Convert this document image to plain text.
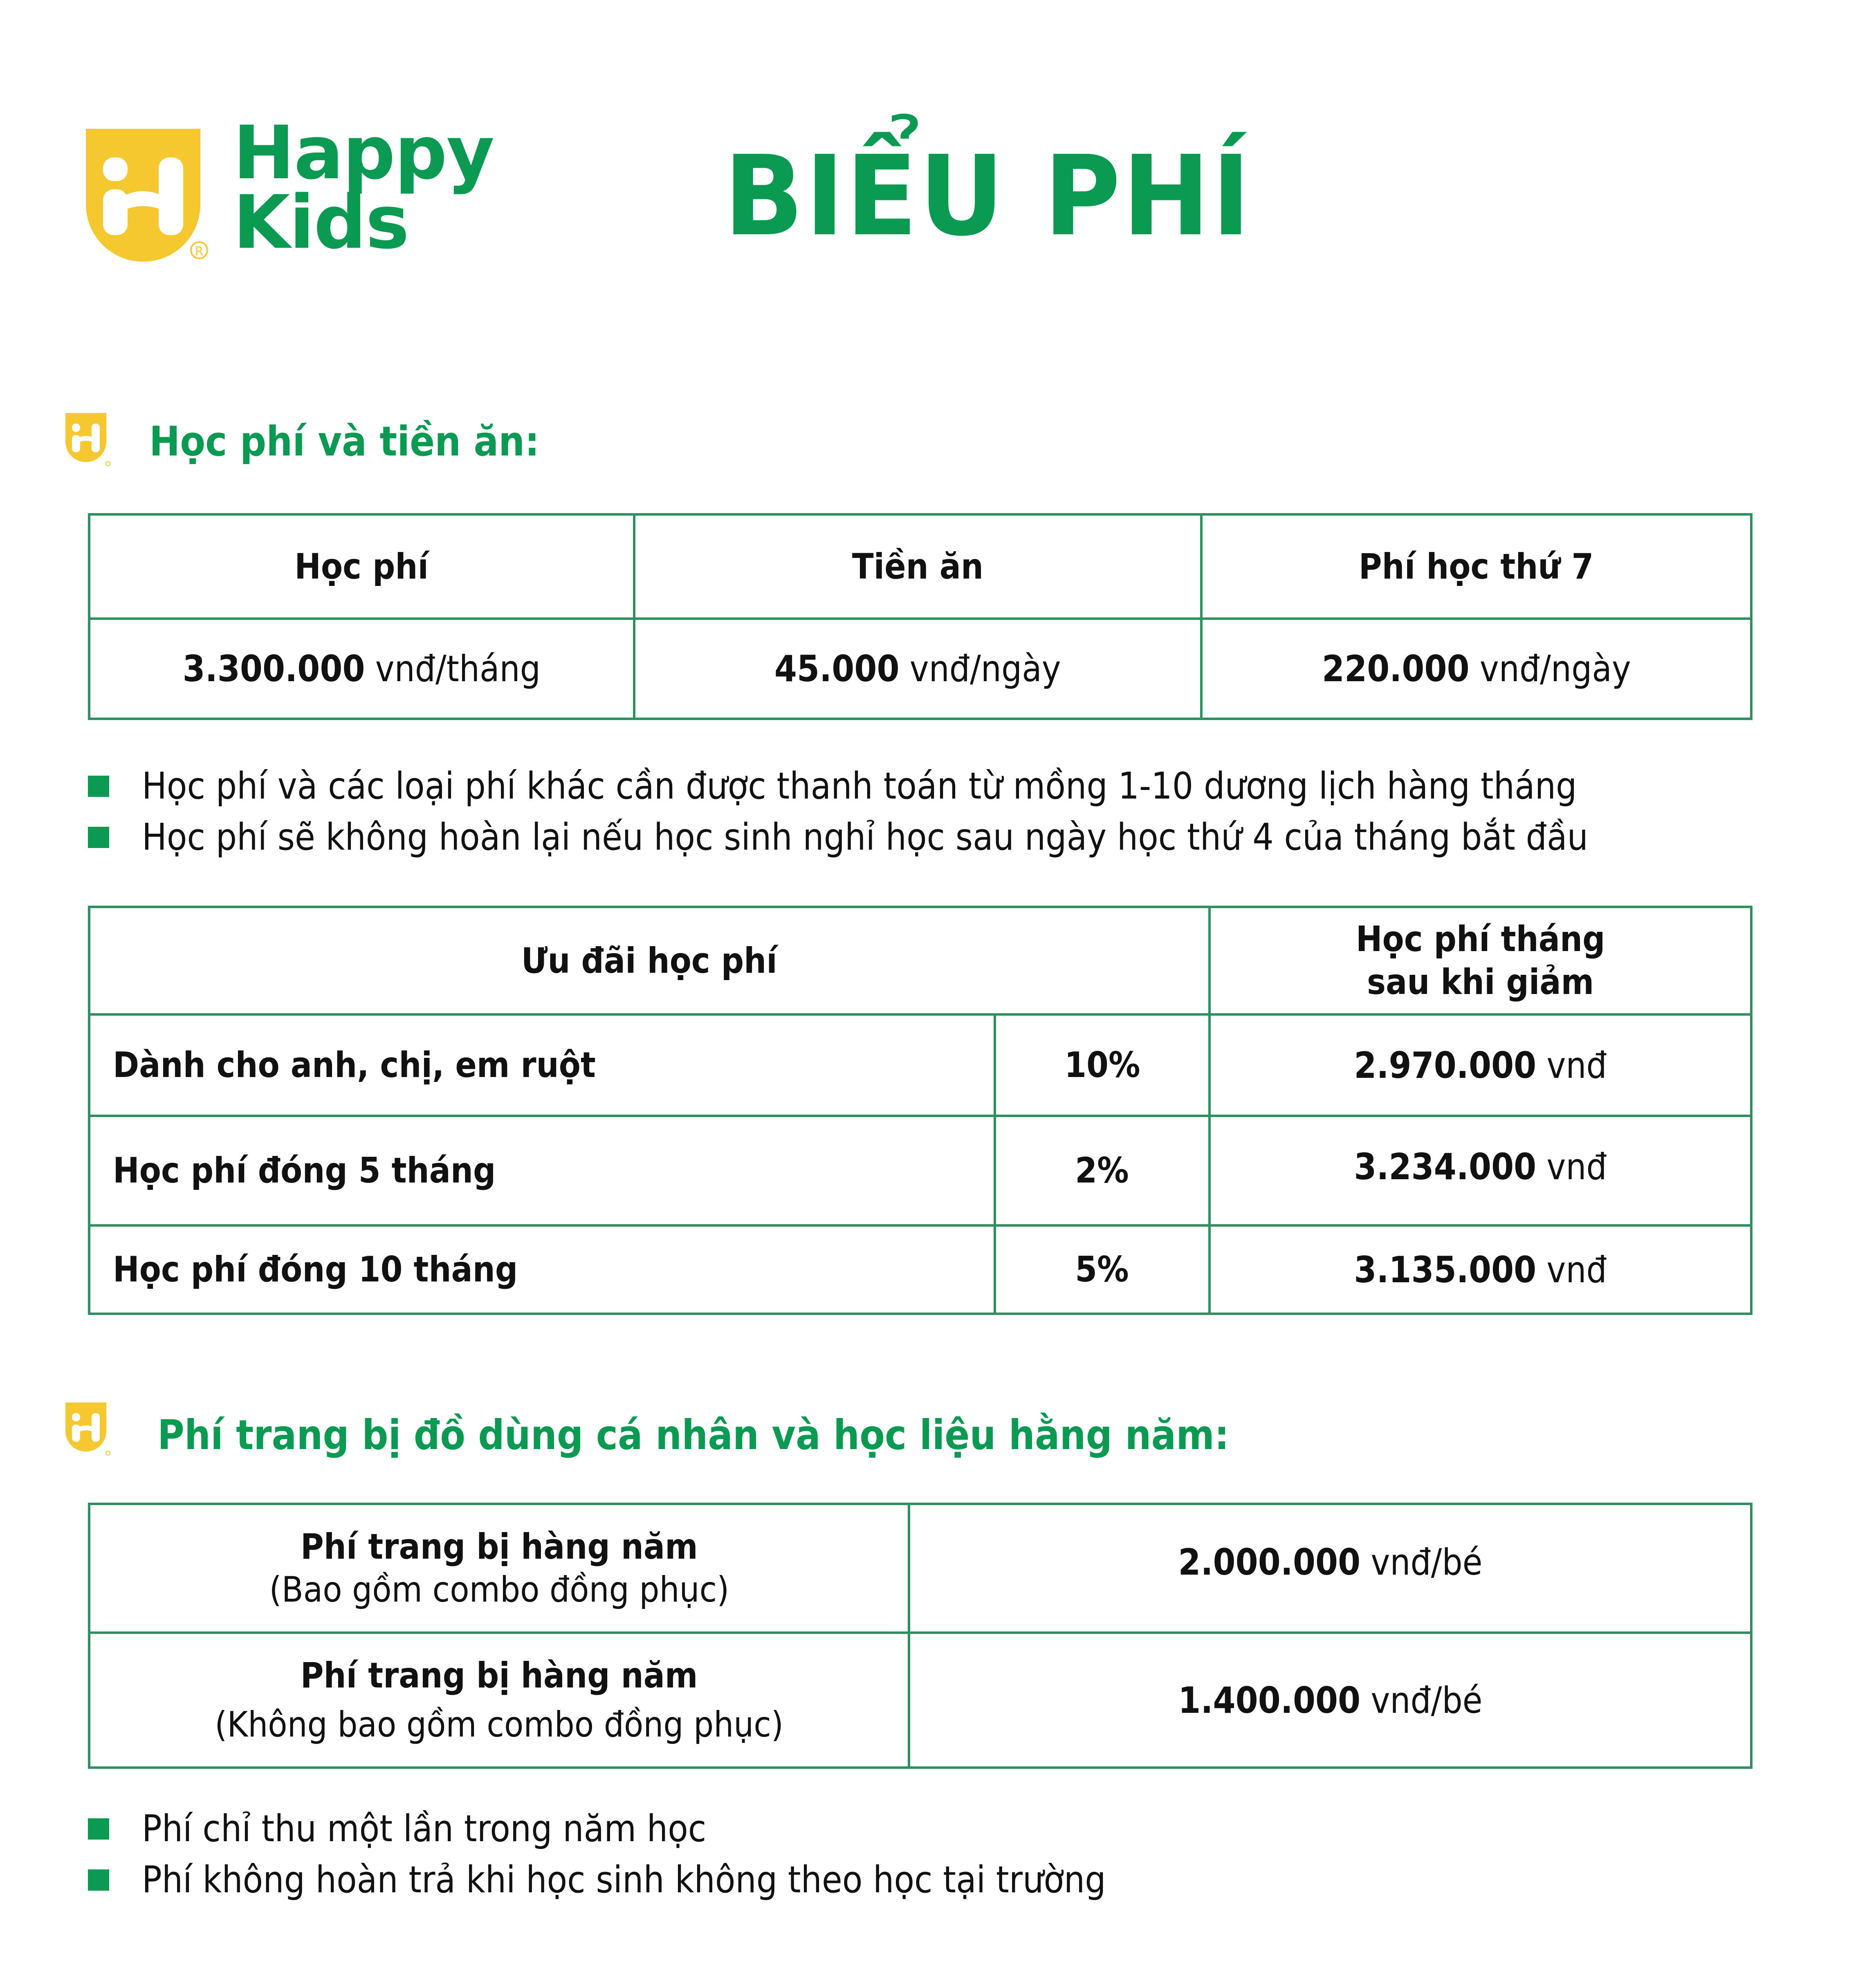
R
Happy
Kids	BIỂU PHÍ
Học phí và tiền ăn:
Học phí	Tiền ăn	Phí học thứ 7
3.300.000 vnđ/tháng	45.000 vnđ/ngày	220.000 vnđ/ngày
Học phí và các loại phí khác cần được thanh toán từ mồng 1-10 dương lịch hàng tháng
Học phí sẽ không hoàn lại nếu học sinh nghỉ học sau ngày học thứ 4 của tháng bắt đầu
Ưu đãi học phí		Học phí tháng
sau khi giảm
Dành cho anh, chị, em ruột	10%	2.970.000 vnđ
Học phí đóng 5 tháng	2%	3.234.000 vnđ
Học phí đóng 10 tháng	5%	3.135.000 vnđ
Phí trang bị đồ dùng cá nhân và học liệu hằng năm:
Phí trang bị hàng năm
(Bao gồm combo đồng phục)	2.000.000 vnđ/bé
Phí trang bị hàng năm
(Không bao gồm combo đồng phục)	1.400.000 vnđ/bé
Phí chỉ thu một lần trong năm học
Phí không hoàn trả khi học sinh không theo học tại trường
